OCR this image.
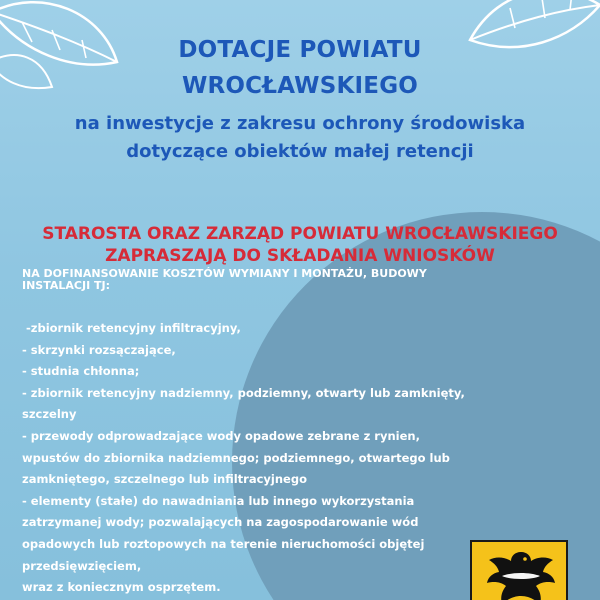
DOTACJE POWIATU
WROCŁAWSKIEGO
na inwestycje z zakresu ochrony środowiska
dotyczące obiektów małej retencji
STAROSTA ORAZ ZARZĄD POWIATU WROCŁAWSKIEGO
ZAPRASZAJĄ DO SKŁADANIA WNIOSKÓW
NA DOFINANSOWANIE KOSZTÓW WYMIANY I MONTAŻU, BUDOWY
INSTALACJI TJ:
-zbiornik retencyjny infiltracyjny,
- skrzynki rozsączające,
- studnia chłonna;
- zbiornik retencyjny nadziemny, podziemny, otwarty lub zamknięty,
szczelny
- przewody odprowadzające wody opadowe zebrane z rynien,
wpustów do zbiornika nadziemnego; podziemnego, otwartego lub
zamkniętego, szczelnego lub infiltracyjnego
- elementy (stałe) do nawadniania lub innego wykorzystania
zatrzymanej wody; pozwalających na zagospodarowanie wód
opadowych lub roztopowych na terenie nieruchomości objętej
przedsięwzięciem,
wraz z koniecznym osprzętem.
